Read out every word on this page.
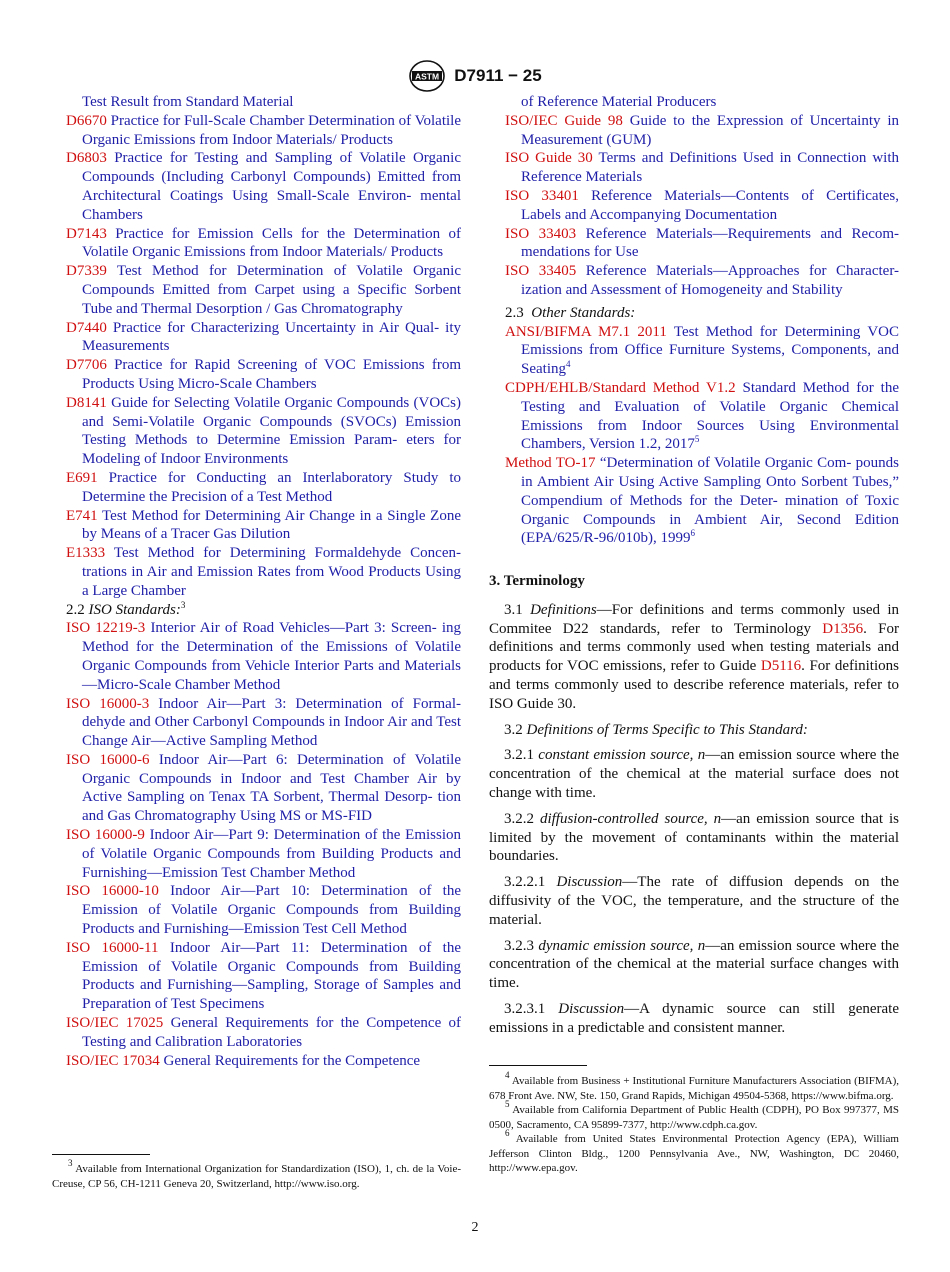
ASTM D7911 − 25

Test Result from Standard Material

D6670 Practice for Full-Scale Chamber Determination of Volatile Organic Emissions from Indoor Materials/ Products

D6803 Practice for Testing and Sampling of Volatile Organic Compounds (Including Carbonyl Compounds) Emitted from Architectural Coatings Using Small-Scale Environ- mental Chambers

D7143 Practice for Emission Cells for the Determination of Volatile Organic Emissions from Indoor Materials/ Products

D7339 Test Method for Determination of Volatile Organic Compounds Emitted from Carpet using a Specific Sorbent Tube and Thermal Desorption / Gas Chromatography

D7440 Practice for Characterizing Uncertainty in Air Qual- ity Measurements

D7706 Practice for Rapid Screening of VOC Emissions from Products Using Micro-Scale Chambers

D8141 Guide for Selecting Volatile Organic Compounds (VOCs) and Semi-Volatile Organic Compounds (SVOCs) Emission Testing Methods to Determine Emission Param- eters for Modeling of Indoor Environments

E691 Practice for Conducting an Interlaboratory Study to Determine the Precision of a Test Method

E741 Test Method for Determining Air Change in a Single Zone by Means of a Tracer Gas Dilution

E1333 Test Method for Determining Formaldehyde Concen- trations in Air and Emission Rates from Wood Products Using a Large Chamber

2.2 ISO Standards:$^3$

ISO 12219-3 Interior Air of Road Vehicles—Part 3: Screen- ing Method for the Determination of the Emissions of Volatile Organic Compounds from Vehicle Interior Parts and Materials—Micro-Scale Chamber Method

ISO 16000-3 Indoor Air—Part 3: Determination of Formal- dehyde and Other Carbonyl Compounds in Indoor Air and Test Change Air—Active Sampling Method

ISO 16000-6 Indoor Air—Part 6: Determination of Volatile Organic Compounds in Indoor and Test Chamber Air by Active Sampling on Tenax TA Sorbent, Thermal Desorp- tion and Gas Chromatography Using MS or MS-FID

ISO 16000-9 Indoor Air—Part 9: Determination of the Emission of Volatile Organic Compounds from Building Products and Furnishing—Emission Test Chamber Method

ISO 16000-10 Indoor Air—Part 10: Determination of the Emission of Volatile Organic Compounds from Building Products and Furnishing—Emission Test Cell Method

ISO 16000-11 Indoor Air—Part 11: Determination of the Emission of Volatile Organic Compounds from Building Products and Furnishing—Sampling, Storage of Samples and Preparation of Test Specimens

ISO/IEC 17025 General Requirements for the Competence of Testing and Calibration Laboratories

ISO/IEC 17034 General Requirements for the Competence

of Reference Material Producers

ISO/IEC Guide 98 Guide to the Expression of Uncertainty in Measurement (GUM)

ISO Guide 30 Terms and Definitions Used in Connection with Reference Materials

ISO 33401 Reference Materials—Contents of Certificates, Labels and Accompanying Documentation

ISO 33403 Reference Materials—Requirements and Recom- mendations for Use

ISO 33405 Reference Materials—Approaches for Character- ization and Assessment of Homogeneity and Stability

2.3 Other Standards:

ANSI/BIFMA M7.1 2011 Test Method for Determining VOC Emissions from Office Furniture Systems, Components, and Seating$^4$

CDPH/EHLB/Standard Method V1.2 Standard Method for the Testing and Evaluation of Volatile Organic Chemical Emissions from Indoor Sources Using Environmental Chambers, Version 1.2, 2017$^5$

Method TO-17 “Determination of Volatile Organic Com- pounds in Ambient Air Using Active Sampling Onto Sorbent Tubes,” Compendium of Methods for the Deter- mination of Toxic Organic Compounds in Ambient Air, Second Edition (EPA/625/R-96/010b), 1999$^6$

3. Terminology

3.1 Definitions—For definitions and terms commonly used in Commitee D22 standards, refer to Terminology D1356. For definitions and terms commonly used when testing materials and products for VOC emissions, refer to Guide D5116. For definitions and terms commonly used to describe reference materials, refer to ISO Guide 30.

3.2 Definitions of Terms Specific to This Standard:

3.2.1 constant emission source, n—an emission source where the concentration of the chemical at the material surface does not change with time.

3.2.2 diffusion-controlled source, n—an emission source that is limited by the movement of contaminants within the material boundaries.

3.2.2.1 Discussion—The rate of diffusion depends on the diffusivity of the VOC, the temperature, and the structure of the material.

3.2.3 dynamic emission source, n—an emission source where the concentration of the chemical at the material surface changes with time.

3.2.3.1 Discussion—A dynamic source can still generate emissions in a predictable and consistent manner.

$^4$ Available from Business + Institutional Furniture Manufacturers Association (BIFMA), 678 Front Ave. NW, Ste. 150, Grand Rapids, Michigan 49504-5368, https://www.bifma.org.

$^5$ Available from California Department of Public Health (CDPH), PO Box 997377, MS 0500, Sacramento, CA 95899-7377, http://www.cdph.ca.gov.

$^6$ Available from United States Environmental Protection Agency (EPA), William Jefferson Clinton Bldg., 1200 Pennsylvania Ave., NW, Washington, DC 20460, http://www.epa.gov.

$^3$ Available from International Organization for Standardization (ISO), 1, ch. de la Voie-Creuse, CP 56, CH-1211 Geneva 20, Switzerland, http://www.iso.org.

2
